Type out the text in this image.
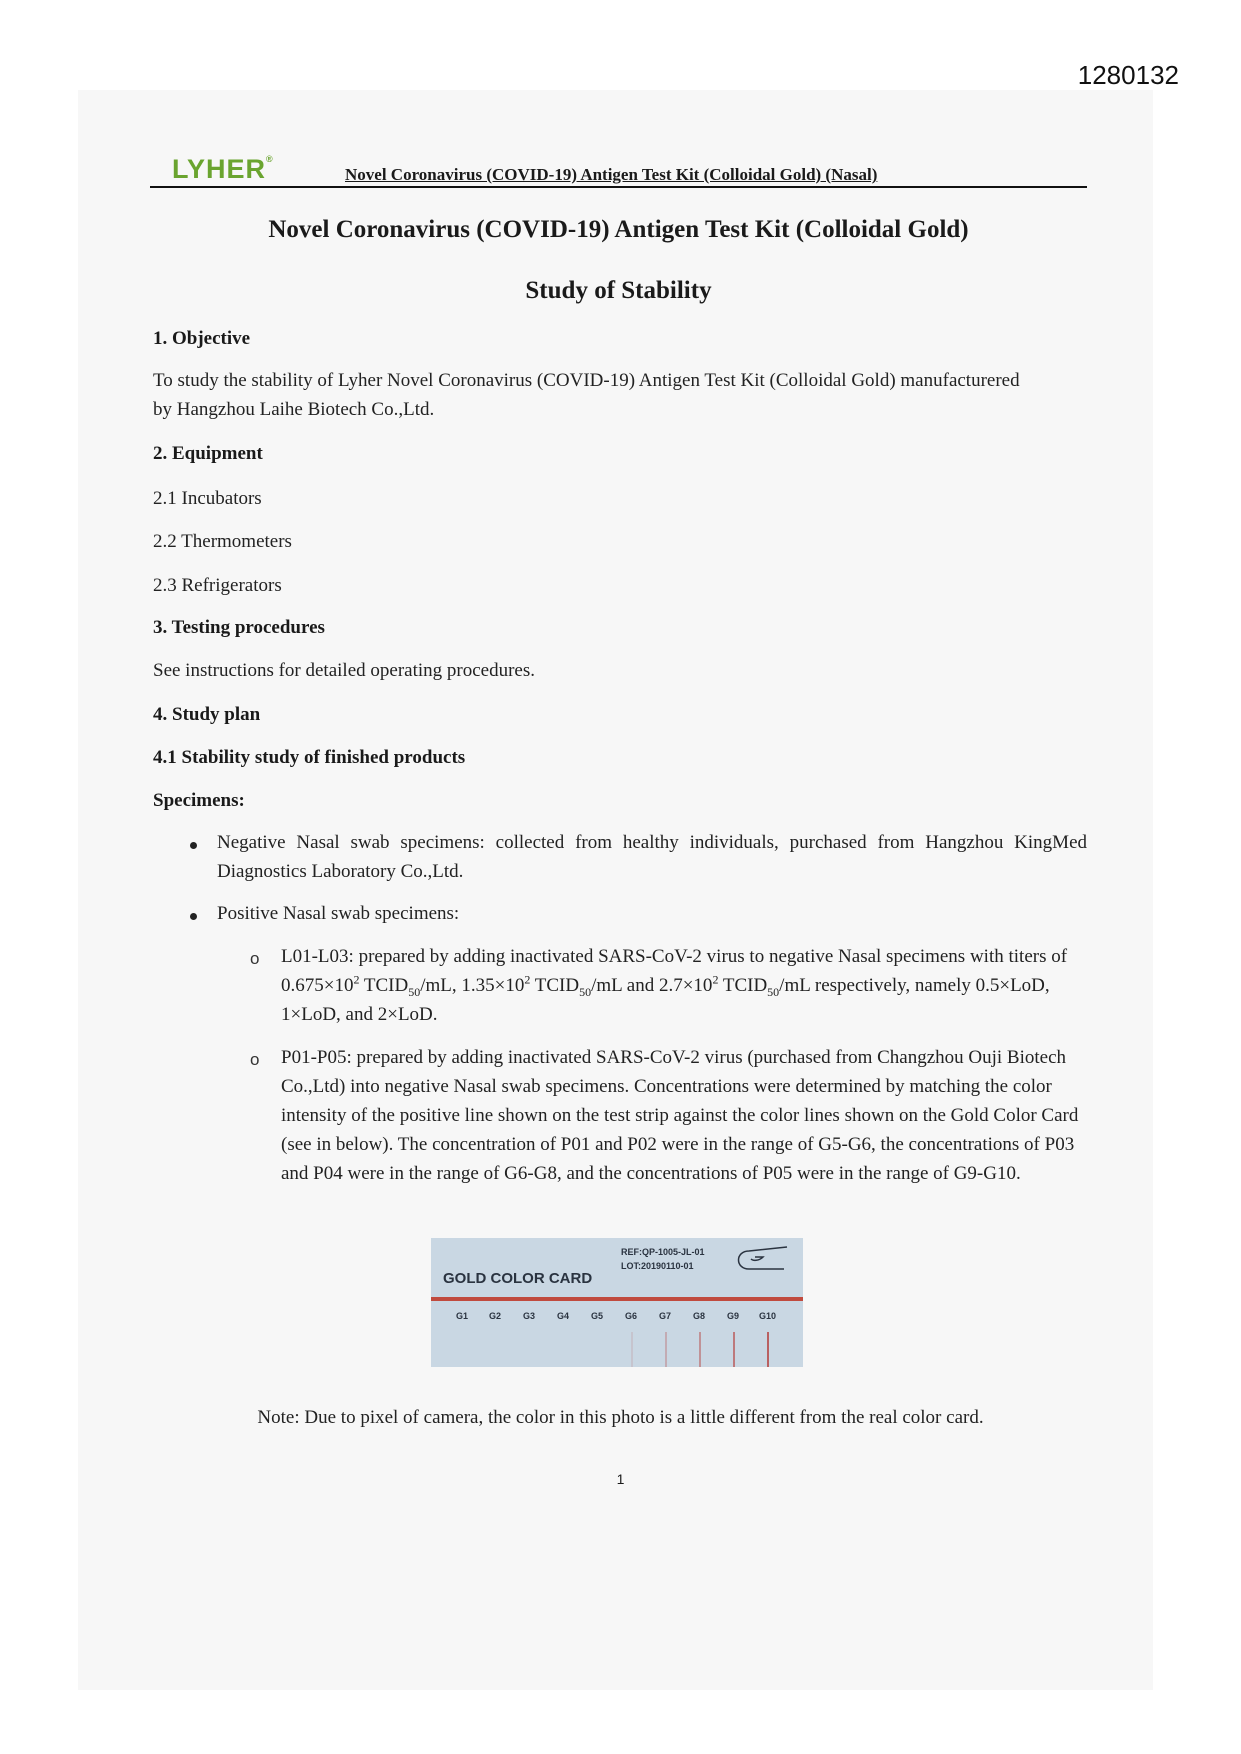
1280132
LYHER®
Novel Coronavirus (COVID-19) Antigen Test Kit (Colloidal Gold) (Nasal)
Novel Coronavirus (COVID-19) Antigen Test Kit (Colloidal Gold)
Study of Stability
1. Objective
To study the stability of Lyher Novel Coronavirus (COVID-19) Antigen Test Kit (Colloidal Gold) manufacturered by Hangzhou Laihe Biotech Co.,Ltd.
2. Equipment
2.1 Incubators
2.2 Thermometers
2.3 Refrigerators
3. Testing procedures
See instructions for detailed operating procedures.
4. Study plan
4.1 Stability study of finished products
Specimens:
Negative Nasal swab specimens: collected from healthy individuals, purchased from Hangzhou KingMed Diagnostics Laboratory Co.,Ltd.
Positive Nasal swab specimens:
o L01-L03: prepared by adding inactivated SARS-CoV-2 virus to negative Nasal specimens with titers of $0.675\times 10^2$ $TCID_{50}/mL$, $1.35\times 10^2$ $TCID_{50}/mL$ and $2.7\times 10^2$ $TCID_{50}/mL$ respectively, namely 0.5×LoD, 1×LoD, and 2×LoD.
o P01-P05: prepared by adding inactivated SARS-CoV-2 virus (purchased from Changzhou Ouji Biotech Co.,Ltd) into negative Nasal swab specimens. Concentrations were determined by matching the color intensity of the positive line shown on the test strip against the color lines shown on the Gold Color Card (see in below). The concentration of P01 and P02 were in the range of G5-G6, the concentrations of P03 and P04 were in the range of G6-G8, and the concentrations of P05 were in the range of G9-G10.
GOLD COLOR CARD
REF:QP-1005-JL-01
LOT:20190110-01
G1 G2 G3 G4 G5 G6 G7 G8 G9 G10
Note: Due to pixel of camera, the color in this photo is a little different from the real color card.
1
